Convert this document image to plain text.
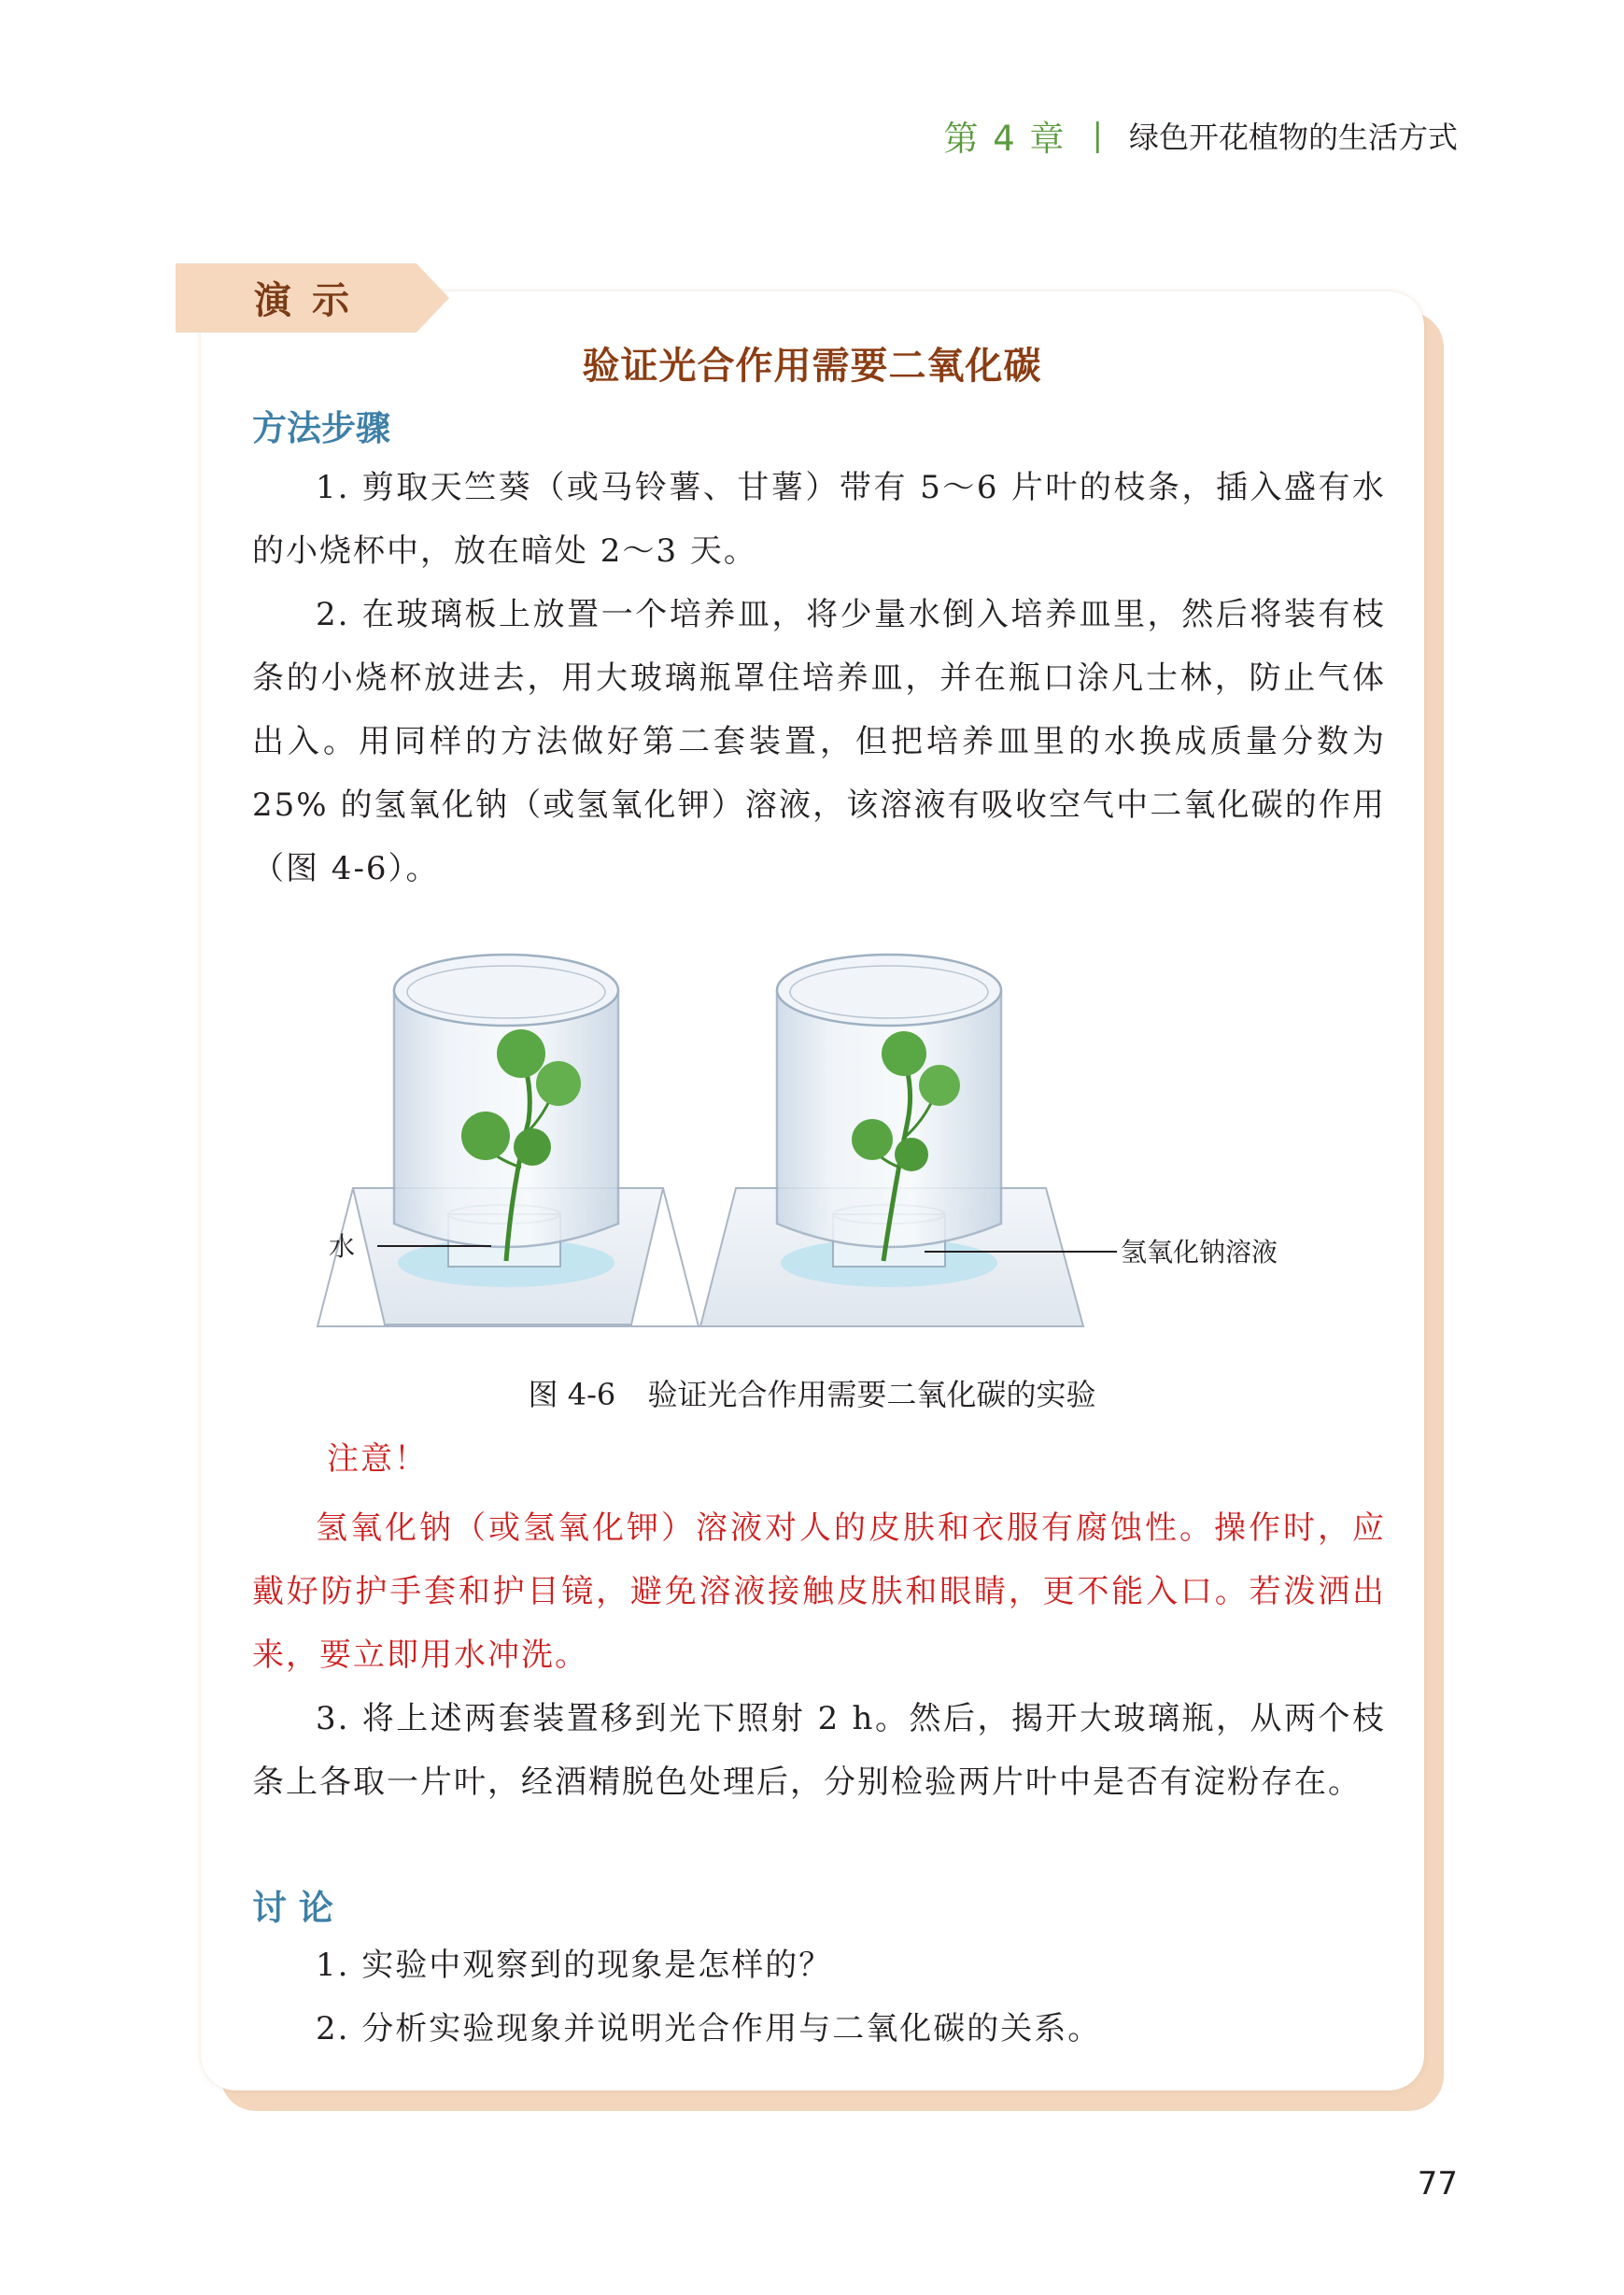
第 4 章 | 绿色开花植物的生活方式
演示
验证光合作用需要二氧化碳
方法步骤
1. 剪取天竺葵（或马铃薯、甘薯）带有 5～6 片叶的枝条，插入盛有水的小烧杯中，放在暗处 2～3 天。
2. 在玻璃板上放置一个培养皿，将少量水倒入培养皿里，然后将装有枝条的小烧杯放进去，用大玻璃瓶罩住培养皿，并在瓶口涂凡士林，防止气体出入。用同样的方法做好第二套装置，但把培养皿里的水换成质量分数为 25% 的氢氧化钠（或氢氧化钾）溶液，该溶液有吸收空气中二氧化碳的作用（图 4-6）。
水	氢氧化钠溶液
图 4-6 验证光合作用需要二氧化碳的实验
注意！
氢氧化钠（或氢氧化钾）溶液对人的皮肤和衣服有腐蚀性。操作时，应戴好防护手套和护目镜，避免溶液接触皮肤和眼睛，更不能入口。若泼洒出来，要立即用水冲洗。
3. 将上述两套装置移到光下照射 2 h。然后，揭开大玻璃瓶，从两个枝条上各取一片叶，经酒精脱色处理后，分别检验两片叶中是否有淀粉存在。
讨 论
1. 实验中观察到的现象是怎样的？
2. 分析实验现象并说明光合作用与二氧化碳的关系。
77
